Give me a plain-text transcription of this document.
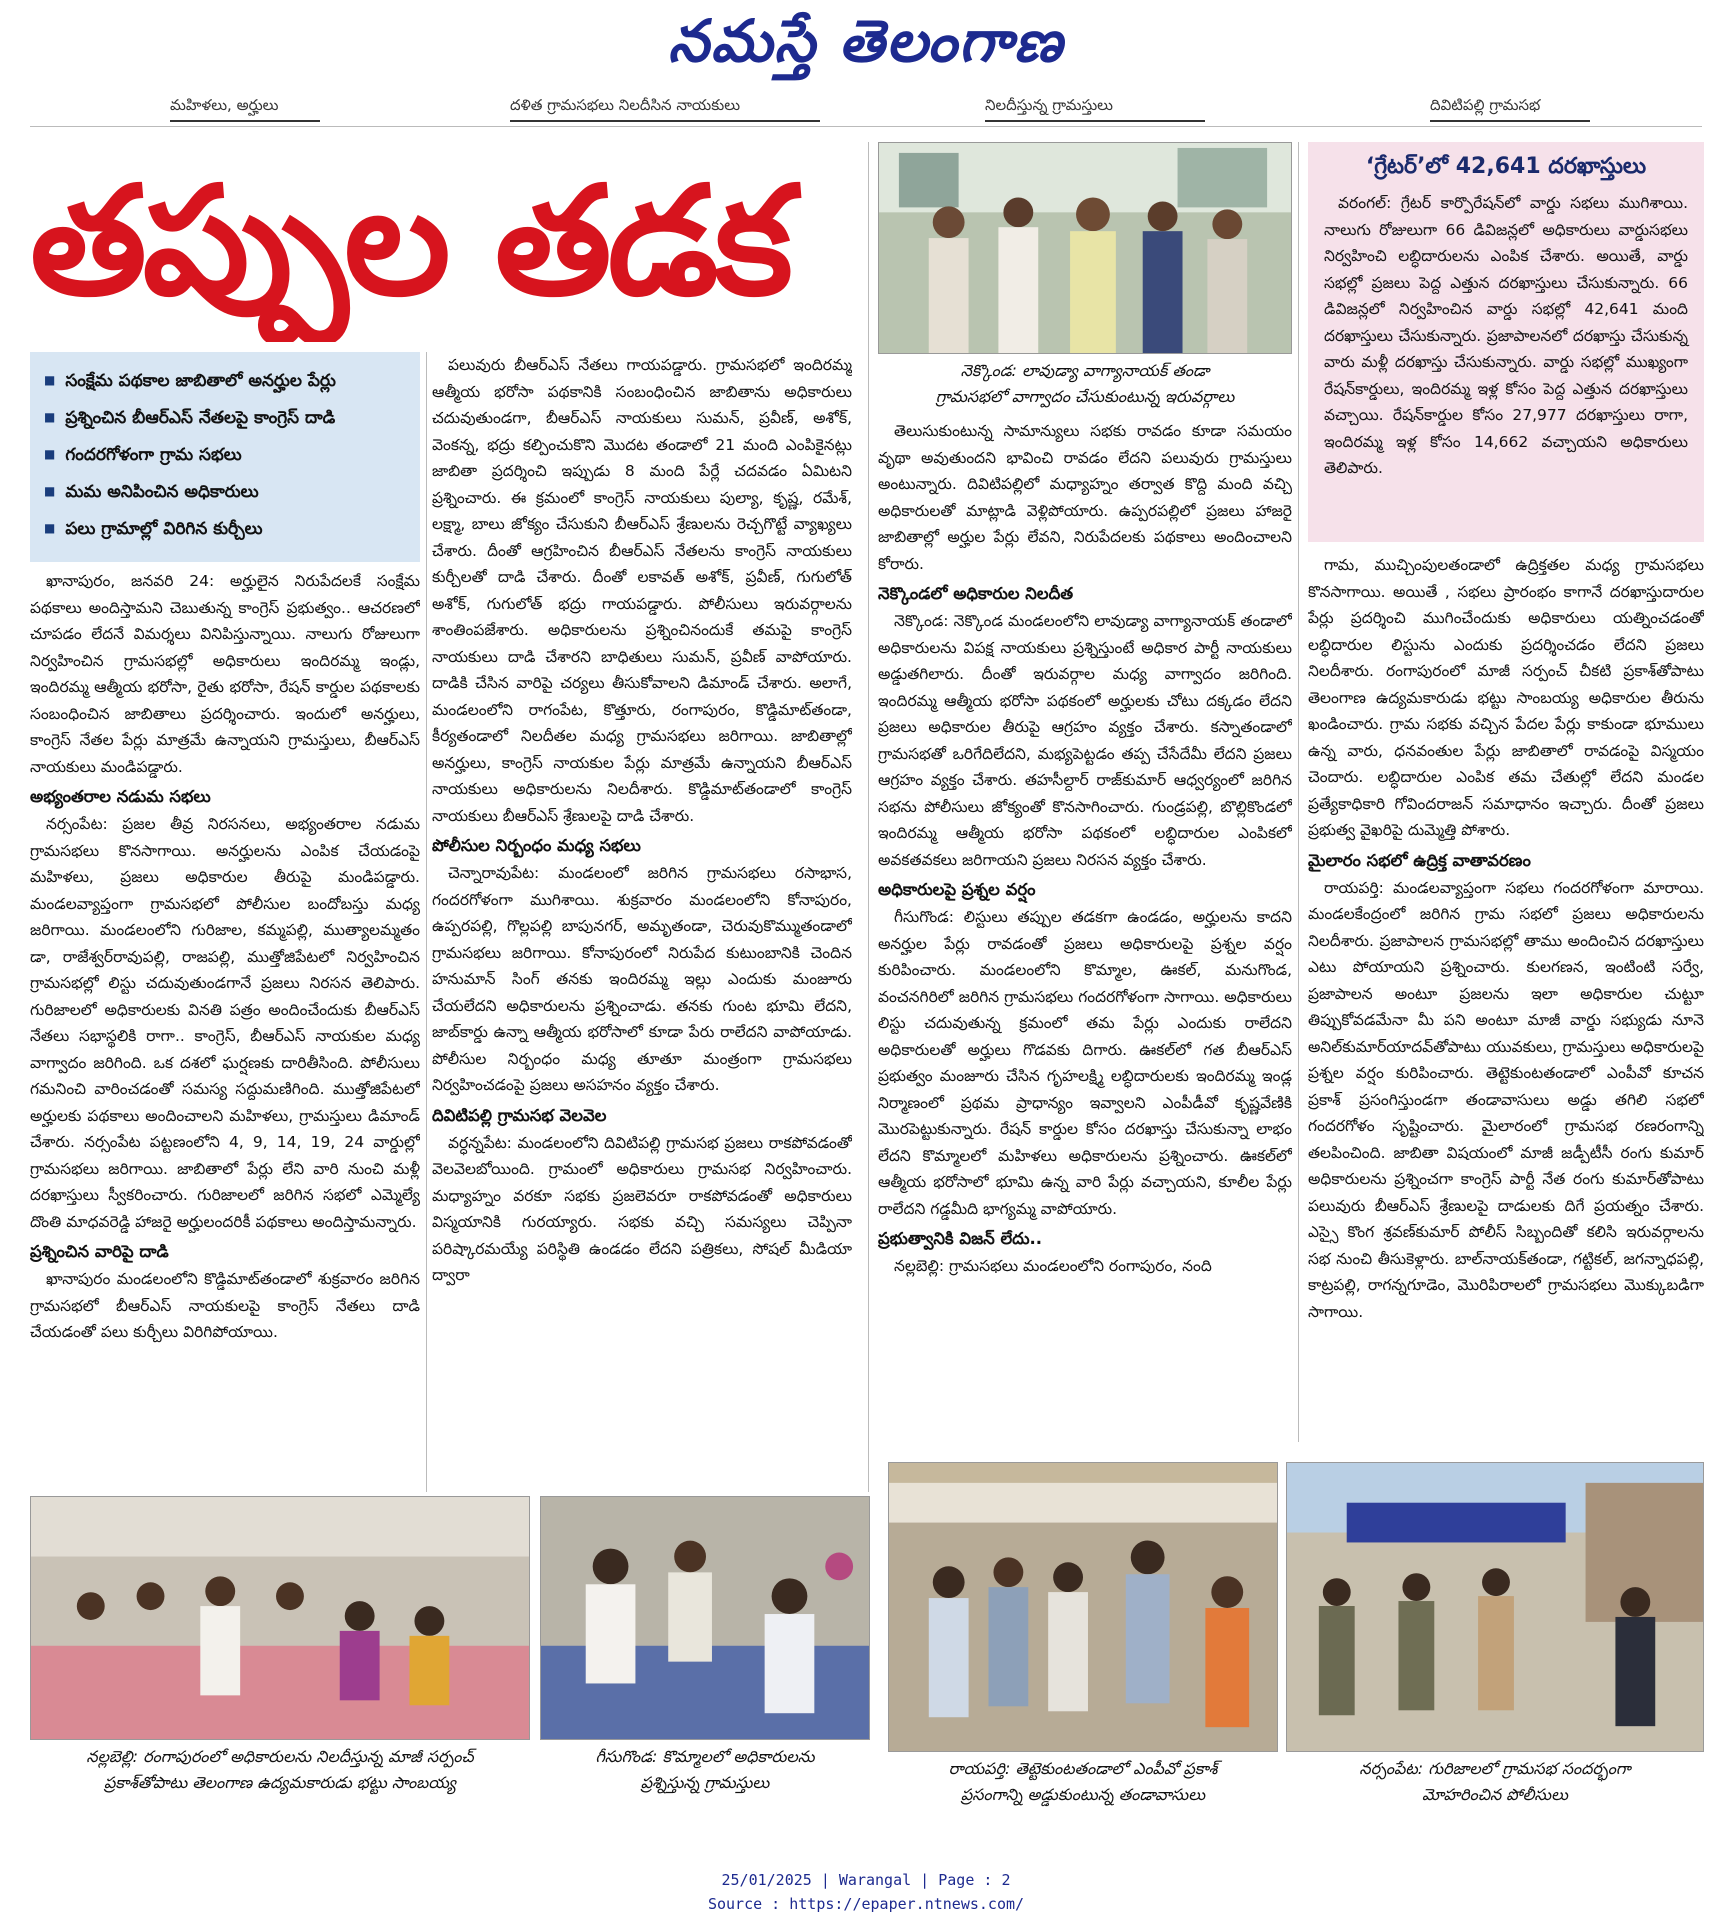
నమస్తే తెలంగాణ
మహిళలు, అర్హులు	దళిత గ్రామసభలు నిలదీసిన నాయకులు	నిలదీస్తున్న గ్రామస్తులు	దివిటిపల్లి గ్రామసభ
తప్పుల తడక
■ సంక్షేమ పథకాల జాబితాలో అనర్హుల పేర్లు
■ ప్రశ్నించిన బీఆర్ఎస్ నేతలపై కాంగ్రెస్ దాడి
■ గందరగోళంగా గ్రామ సభలు
■ మమ అనిపించిన అధికారులు
■ పలు గ్రామాల్లో విరిగిన కుర్చీలు

ఖానాపురం, జనవరి 24: అర్హులైన నిరుపేదలకే సంక్షేమ పథకాలు అందిస్తామని చెబుతున్న కాంగ్రెస్ ప్రభుత్వం.. ఆచరణలో చూపడం లేదనే విమర్శలు వినిపిస్తున్నాయి. నాలుగు రోజులుగా నిర్వహించిన గ్రామసభల్లో అధికారులు ఇందిరమ్మ ఇండ్లు, ఇందిరమ్మ ఆత్మీయ భరోసా, రైతు భరోసా, రేషన్ కార్డుల పథకాలకు సంబంధించిన జాబితాలు ప్రదర్శించారు. ఇందులో అనర్హులు, కాంగ్రెస్ నేతల పేర్లు మాత్రమే ఉన్నాయని గ్రామస్తులు, బీఆర్ఎస్ నాయకులు మండిపడ్డారు.

అభ్యంతరాల నడుమ సభలు

నర్సంపేట: ప్రజల తీవ్ర నిరసనలు, అభ్యంతరాల నడుమ గ్రామసభలు కొనసాగాయి. అనర్హులను ఎంపిక చేయడంపై మహిళలు, ప్రజలు అధికారుల తీరుపై మండిపడ్డారు. మండలవ్యాప్తంగా గ్రామసభలో పోలీసుల బందోబస్తు మధ్య జరిగాయి. మండలంలోని గురిజాల, కమ్మపల్లి, ముత్యాలమ్మతం డా, రాజేశ్వర్‌రావుపల్లి, రాజపల్లి, ముత్తోజిపేటలో నిర్వహించిన గ్రామసభల్లో లిస్టు చదువుతుండగానే ప్రజలు నిరసన తెలిపారు. గురిజాలలో అధికారులకు వినతి పత్రం అందించేందుకు బీఆర్ఎస్ నేతలు సభాస్థలికి రాగా.. కాంగ్రెస్, బీఆర్ఎస్ నాయకుల మధ్య వాగ్వాదం జరిగింది. ఒక దశలో ఘర్షణకు దారితీసింది. పోలీసులు గమనించి వారించడంతో సమస్య సద్దుమణిగింది. ముత్తోజిపేటలో అర్హులకు పథకాలు అందించాలని మహిళలు, గ్రామస్తులు డిమాండ్ చేశారు. నర్సంపేట పట్టణంలోని 4, 9, 14, 19, 24 వార్డుల్లో గ్రామసభలు జరిగాయి. జాబితాలో పేర్లు లేని వారి నుంచి మళ్లీ దరఖాస్తులు స్వీకరించారు. గురిజాలలో జరిగిన సభలో ఎమ్మెల్యే దొంతి మాధవరెడ్డి హాజరై అర్హులందరికీ పథకాలు అందిస్తామన్నారు.

ప్రశ్నించిన వారిపై దాడి

ఖానాపురం మండలంలోని కొడ్డిమాట్‌తండాలో శుక్రవారం జరిగిన గ్రామసభలో బీఆర్ఎస్ నాయకులపై కాంగ్రెస్ నేతలు దాడి చేయడంతో పలు కుర్చీలు విరిగిపోయాయి.

పలువురు బీఆర్ఎస్ నేతలు గాయపడ్డారు. గ్రామసభలో ఇందిరమ్మ ఆత్మీయ భరోసా పథకానికి సంబంధించిన జాబితాను అధికారులు చదువుతుండగా, బీఆర్ఎస్ నాయకులు సుమన్, ప్రవీణ్, అశోక్, వెంకన్న, భద్రు కల్పించుకొని మొదట తండాలో 21 మంది ఎంపికైనట్లు జాబితా ప్రదర్శించి ఇప్పుడు 8 మంది పేర్లే చదవడం ఏమిటని ప్రశ్నించారు. ఈ క్రమంలో కాంగ్రెస్ నాయకులు పుల్యా, కృష్ణ, రమేశ్, లక్ష్మా, బాలు జోక్యం చేసుకుని బీఆర్ఎస్ శ్రేణులను రెచ్చగొట్టే వ్యాఖ్యలు చేశారు. దీంతో ఆగ్రహించిన బీఆర్ఎస్ నేతలను కాంగ్రెస్ నాయకులు కుర్చీలతో దాడి చేశారు. దీంతో లకావత్ అశోక్, ప్రవీణ్, గుగులోత్ అశోక్, గుగులోత్ భద్రు గాయపడ్డారు. పోలీసులు ఇరువర్గాలను శాంతింపజేశారు. అధికారులను ప్రశ్నించినందుకే తమపై కాంగ్రెస్ నాయకులు దాడి చేశారని బాధితులు సుమన్, ప్రవీణ్ వాపోయారు. దాడికి చేసిన వారిపై చర్యలు తీసుకోవాలని డిమాండ్ చేశారు. అలాగే, మండలంలోని రాగంపేట, కొత్తూరు, రంగాపురం, కొడ్డిమాట్‌తండా, కీర్యతండాలో నిలదీతల మధ్య గ్రామసభలు జరిగాయి. జాబితాల్లో అనర్హులు, కాంగ్రెస్ నాయకుల పేర్లు మాత్రమే ఉన్నాయని బీఆర్ఎస్ నాయకులు అధికారులను నిలదీశారు. కొడ్డిమాట్‌తండాలో కాంగ్రెస్ నాయకులు బీఆర్ఎస్ శ్రేణులపై దాడి చేశారు.

పోలీసుల నిర్బంధం మధ్య సభలు

చెన్నారావుపేట: మండలంలో జరిగిన గ్రామసభలు రసాభాస, గందరగోళంగా ముగిశాయి. శుక్రవారం మండలంలోని కోనాపురం, ఉప్పరపల్లి, గొల్లపల్లి బాపునగర్, అమృతండా, చెరువుకొమ్ముతండాలో గ్రామసభలు జరిగాయి. కోనాపురంలో నిరుపేద కుటుంబానికి చెందిన హనుమాన్ సింగ్ తనకు ఇందిరమ్మ ఇల్లు ఎందుకు మంజూరు చేయలేదని అధికారులను ప్రశ్నించాడు. తనకు గుంట భూమి లేదని, జాబ్‌కార్డు ఉన్నా ఆత్మీయ భరోసాలో కూడా పేరు రాలేదని వాపోయాడు. పోలీసుల నిర్బంధం మధ్య తూతూ మంత్రంగా గ్రామసభలు నిర్వహించడంపై ప్రజలు అసహనం వ్యక్తం చేశారు.

దివిటిపల్లి గ్రామసభ వెలవెల

వర్ధన్నపేట: మండలంలోని దివిటిపల్లి గ్రామసభ ప్రజలు రాకపోవడంతో వెలవెలబోయింది. గ్రామంలో అధికారులు గ్రామసభ నిర్వహించారు. మధ్యాహ్నం వరకూ సభకు ప్రజలెవరూ రాకపోవడంతో అధికారులు విస్మయానికి గురయ్యారు. సభకు వచ్చి సమస్యలు చెప్పినా పరిష్కారమయ్యే పరిస్థితి ఉండడం లేదని పత్రికలు, సోషల్ మీడియా ద్వారా

నెక్కొండ: లావుడ్యా వాగ్యానాయక్ తండా
గ్రామసభలో వాగ్వాదం చేసుకుంటున్న ఇరువర్గాలు

తెలుసుకుంటున్న సామాన్యులు సభకు రావడం కూడా సమయం వృథా అవుతుందని భావించి రావడం లేదని పలువురు గ్రామస్తులు అంటున్నారు. దివిటిపల్లిలో మధ్యాహ్నం తర్వాత కొద్ది మంది వచ్చి అధికారులతో మాట్లాడి వెళ్లిపోయారు. ఉప్పరపల్లిలో ప్రజలు హాజరై జాబితాల్లో అర్హుల పేర్లు లేవని, నిరుపేదలకు పథకాలు అందించాలని కోరారు.

నెక్కొండలో అధికారుల నిలదీత

నెక్కొండ: నెక్కొండ మండలంలోని లావుడ్యా వాగ్యానాయక్ తండాలో అధికారులను విపక్ష నాయకులు ప్రశ్నిస్తుంటే అధికార పార్టీ నాయకులు అడ్డుతగిలారు. దీంతో ఇరువర్గాల మధ్య వాగ్వాదం జరిగింది. ఇందిరమ్మ ఆత్మీయ భరోసా పథకంలో అర్హులకు చోటు దక్కడం లేదని ప్రజలు అధికారుల తీరుపై ఆగ్రహం వ్యక్తం చేశారు. కస్నాతండాలో గ్రామసభతో ఒరిగేదిలేదని, మభ్యపెట్టడం తప్ప చేసేదేమీ లేదని ప్రజలు ఆగ్రహం వ్యక్తం చేశారు. తహసీల్దార్ రాజ్‌కుమార్ ఆధ్వర్యంలో జరిగిన సభను పోలీసులు జోక్యంతో కొనసాగించారు. గుండ్రపల్లి, బొల్లికొండలో ఇందిరమ్మ ఆత్మీయ భరోసా పథకంలో లబ్ధిదారుల ఎంపికలో అవకతవకలు జరిగాయని ప్రజలు నిరసన వ్యక్తం చేశారు.

అధికారులపై ప్రశ్నల వర్షం

గీసుగొండ: లిస్టులు తప్పుల తడకగా ఉండడం, అర్హులను కాదని అనర్హుల పేర్లు రావడంతో ప్రజలు అధికారులపై ప్రశ్నల వర్షం కురిపించారు. మండలంలోని కొమ్మాల, ఊకల్, మనుగొండ, వంచనగిరిలో జరిగిన గ్రామసభలు గందరగోళంగా సాగాయి. అధికారులు లిస్టు చదువుతున్న క్రమంలో తమ పేర్లు ఎందుకు రాలేదని అధికారులతో అర్హులు గొడవకు దిగారు. ఊకల్‌లో గత బీఆర్ఎస్ ప్రభుత్వం మంజూరు చేసిన గృహలక్ష్మి లబ్ధిదారులకు ఇందిరమ్మ ఇండ్ల నిర్మాణంలో ప్రథమ ప్రాధాన్యం ఇవ్వాలని ఎంపీడీవో కృష్ణవేణికి మొరపెట్టుకున్నారు. రేషన్ కార్డుల కోసం దరఖాస్తు చేసుకున్నా లాభం లేదని కొమ్మాలలో మహిళలు అధికారులను ప్రశ్నించారు. ఊకల్‌లో ఆత్మీయ భరోసాలో భూమి ఉన్న వారి పేర్లు వచ్చాయని, కూలీల పేర్లు రాలేదని గడ్డమీది భాగ్యమ్మ వాపోయారు.

ప్రభుత్వానికి విజన్ లేదు..

నల్లబెల్లి: గ్రామసభలు మండలంలోని రంగాపురం, నంది

‘గ్రేటర్’లో 42,641 దరఖాస్తులు

వరంగల్: గ్రేటర్ కార్పొరేషన్‌లో వార్డు సభలు ముగిశాయి. నాలుగు రోజులుగా 66 డివిజన్లలో అధికారులు వార్డుసభలు నిర్వహించి లబ్ధిదారులను ఎంపిక చేశారు. అయితే, వార్డు సభల్లో ప్రజలు పెద్ద ఎత్తున దరఖాస్తులు చేసుకున్నారు. 66 డివిజన్లలో నిర్వహించిన వార్డు సభల్లో 42,641 మంది దరఖాస్తులు చేసుకున్నారు. ప్రజాపాలనలో దరఖాస్తు చేసుకున్న వారు మళ్లీ దరఖాస్తు చేసుకున్నారు. వార్డు సభల్లో ముఖ్యంగా రేషన్‌కార్డులు, ఇందిరమ్మ ఇళ్ల కోసం పెద్ద ఎత్తున దరఖాస్తులు వచ్చాయి. రేషన్‌కార్డుల కోసం 27,977 దరఖాస్తులు రాగా, ఇందిరమ్మ ఇళ్ల కోసం 14,662 వచ్చాయని అధికారులు తెలిపారు.

గామ, ముచ్చింపులతండాలో ఉద్రిక్తతల మధ్య గ్రామసభలు కొనసాగాయి. అయితే , సభలు ప్రారంభం కాగానే దరఖాస్తుదారుల పేర్లు ప్రదర్శించి ముగించేందుకు అధికారులు యత్నించడంతో లబ్ధిదారుల లిస్టును ఎందుకు ప్రదర్శించడం లేదని ప్రజలు నిలదీశారు. రంగాపురంలో మాజీ సర్పంచ్ చీకటి ప్రకాశ్‌తోపాటు తెలంగాణ ఉద్యమకారుడు భట్టు సాంబయ్య అధికారుల తీరును ఖండించారు. గ్రామ సభకు వచ్చిన పేదల పేర్లు కాకుండా భూములు ఉన్న వారు, ధనవంతుల పేర్లు జాబితాలో రావడంపై విస్మయం చెందారు. లబ్ధిదారుల ఎంపిక తమ చేతుల్లో లేదని మండల ప్రత్యేకాధికారి గోవిందరాజన్ సమాధానం ఇచ్చారు. దీంతో ప్రజలు ప్రభుత్వ వైఖరిపై దుమ్మెత్తి పోశారు.

మైలారం సభలో ఉద్రిక్త వాతావరణం

రాయపర్తి: మండలవ్యాప్తంగా సభలు గందరగోళంగా మారాయి. మండలకేంద్రంలో జరిగిన గ్రామ సభలో ప్రజలు అధికారులను నిలదీశారు. ప్రజాపాలన గ్రామసభల్లో తాము అందించిన దరఖాస్తులు ఎటు పోయాయని ప్రశ్నించారు. కులగణన, ఇంటింటి సర్వే, ప్రజాపాలన అంటూ ప్రజలను ఇలా అధికారుల చుట్టూ తిప్పుకోవడమేనా మీ పని అంటూ మాజీ వార్డు సభ్యుడు నూనె అనిల్‌కుమార్‌యాదవ్‌తోపాటు యువకులు, గ్రామస్తులు అధికారులపై ప్రశ్నల వర్షం కురిపించారు. తెట్టెకుంటతండాలో ఎంపీవో కూచన ప్రకాశ్ ప్రసంగిస్తుండగా తండావాసులు అడ్డు తగిలి సభలో గందరగోళం సృష్టించారు. మైలారంలో గ్రామసభ రణరంగాన్ని తలపించింది. జాబితా విషయంలో మాజీ జడ్పీటీసీ రంగు కుమార్ అధికారులను ప్రశ్నించగా కాంగ్రెస్ పార్టీ నేత రంగు కుమార్‌తోపాటు పలువురు బీఆర్ఎస్ శ్రేణులపై దాడులకు దిగే ప్రయత్నం చేశారు. ఎస్సై కొంగ శ్రవణ్‌కుమార్ పోలీస్ సిబ్బందితో కలిసి ఇరువర్గాలను సభ నుంచి తీసుకెళ్లారు. బాల్‌నాయక్‌తండా, గట్టికల్, జగన్నాధపల్లి, కాట్రపల్లి, రాగన్నగూడెం, మొరిపిరాలలో గ్రామసభలు మొక్కుబడిగా సాగాయి.

నల్లబెల్లి: రంగాపురంలో అధికారులను నిలదీస్తున్న మాజీ సర్పంచ్
ప్రకాశ్‌తోపాటు తెలంగాణ ఉద్యమకారుడు భట్టు సాంబయ్య
గీసుగొండ: కొమ్మాలలో అధికారులను
ప్రశ్నిస్తున్న గ్రామస్తులు
రాయపర్తి: తెట్టెకుంటతండాలో ఎంపీవో ప్రకాశ్
ప్రసంగాన్ని అడ్డుకుంటున్న తండావాసులు
నర్సంపేట: గురిజాలలో గ్రామసభ సందర్భంగా
మోహరించిన పోలీసులు
25/01/2025 | Warangal | Page : 2
Source : https://epaper.ntnews.com/
